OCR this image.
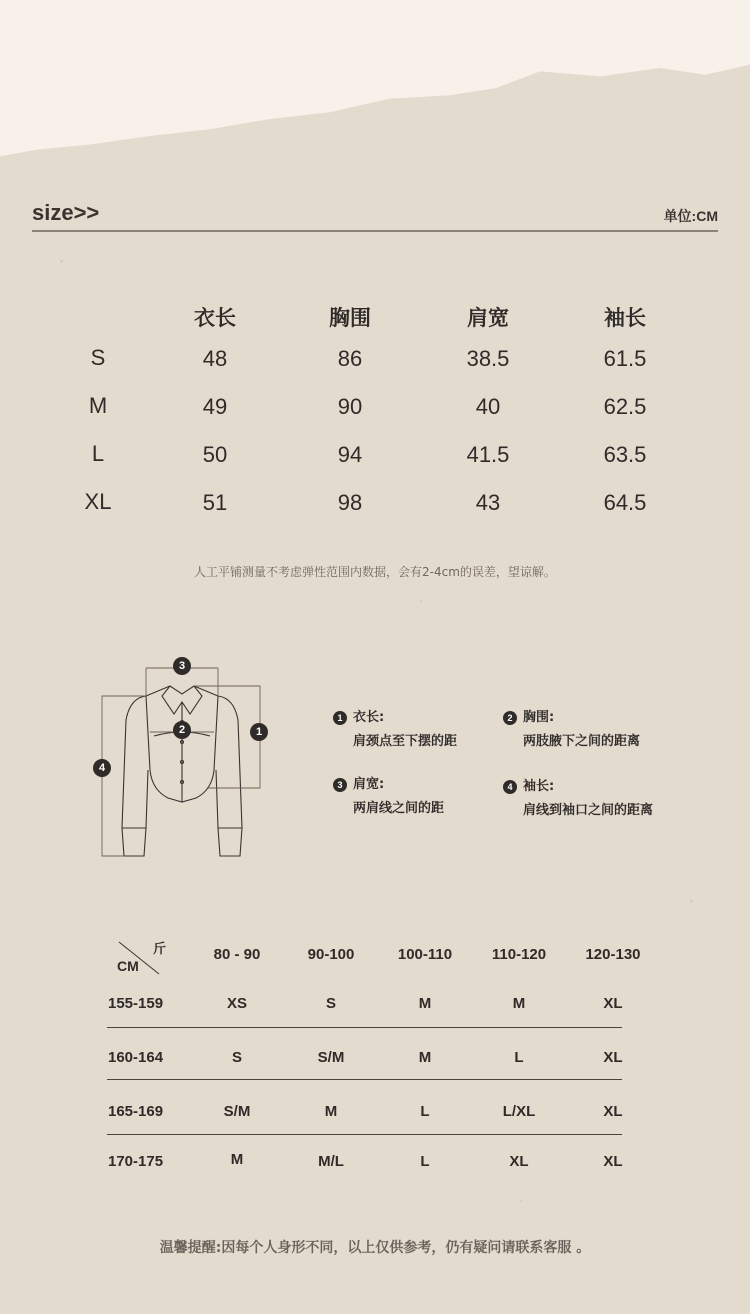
size>>	单位:CM
衣长	胸围	肩宽	袖长
S	48	86	38.5	61.5
M	49	90	40	62.5
L	50	94	41.5	63.5
XL	51	98	43	64.5
人工平铺测量不考虑弹性范围内数据，会有2-4cm的误差，望谅解。
3
2	1
4
1 衣长:
肩颈点至下摆的距
2 胸围:
两肢腋下之间的距离
3 肩宽:
两肩线之间的距
4 袖长:
肩线到袖口之间的距离
斤
CM
80 - 90	90-100	100-110	110-120	120-130
155-159	XS	S	M	M	XL
160-164	S	S/M	M	L	XL
165-169	S/M	M	L	L/XL	XL
170-175	M	M/L	L	XL	XL
温馨提醒:因每个人身形不同，以上仅供参考，仍有疑问请联系客服 。
